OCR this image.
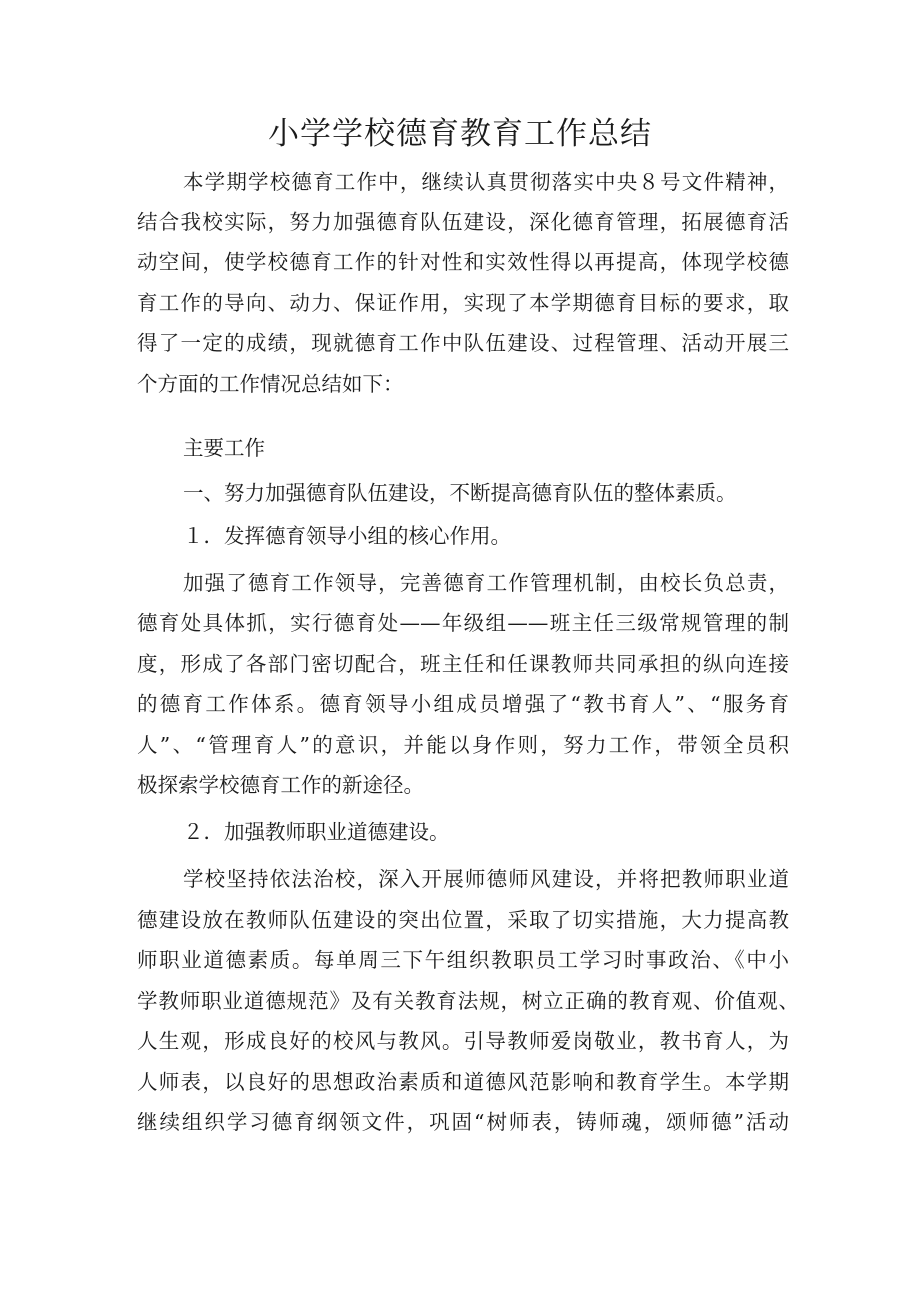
小学学校德育教育工作总结
本学期学校德育工作中，继续认真贯彻落实中央８号文件精神，
结合我校实际，努力加强德育队伍建设，深化德育管理，拓展德育活
动空间，使学校德育工作的针对性和实效性得以再提高，体现学校德
育工作的导向、动力、保证作用，实现了本学期德育目标的要求，取
得了一定的成绩，现就德育工作中队伍建设、过程管理、活动开展三
个方面的工作情况总结如下：
主要工作
一、努力加强德育队伍建设，不断提高德育队伍的整体素质。
１．发挥德育领导小组的核心作用。
加强了德育工作领导，完善德育工作管理机制，由校长负总责，
德育处具体抓，实行德育处——年级组——班主任三级常规管理的制
度，形成了各部门密切配合，班主任和任课教师共同承担的纵向连接
的德育工作体系。德育领导小组成员增强了“教书育人”、“服务育
人”、“管理育人”的意识，并能以身作则，努力工作，带领全员积
极探索学校德育工作的新途径。
２．加强教师职业道德建设。
学校坚持依法治校，深入开展师德师风建设，并将把教师职业道
德建设放在教师队伍建设的突出位置，采取了切实措施，大力提高教
师职业道德素质。每单周三下午组织教职员工学习时事政治、《中小
学教师职业道德规范》及有关教育法规，树立正确的教育观、价值观、
人生观，形成良好的校风与教风。引导教师爱岗敬业，教书育人，为
人师表，以良好的思想政治素质和道德风范影响和教育学生。本学期
继续组织学习德育纲领文件，巩固“树师表，铸师魂，颂师德”活动
